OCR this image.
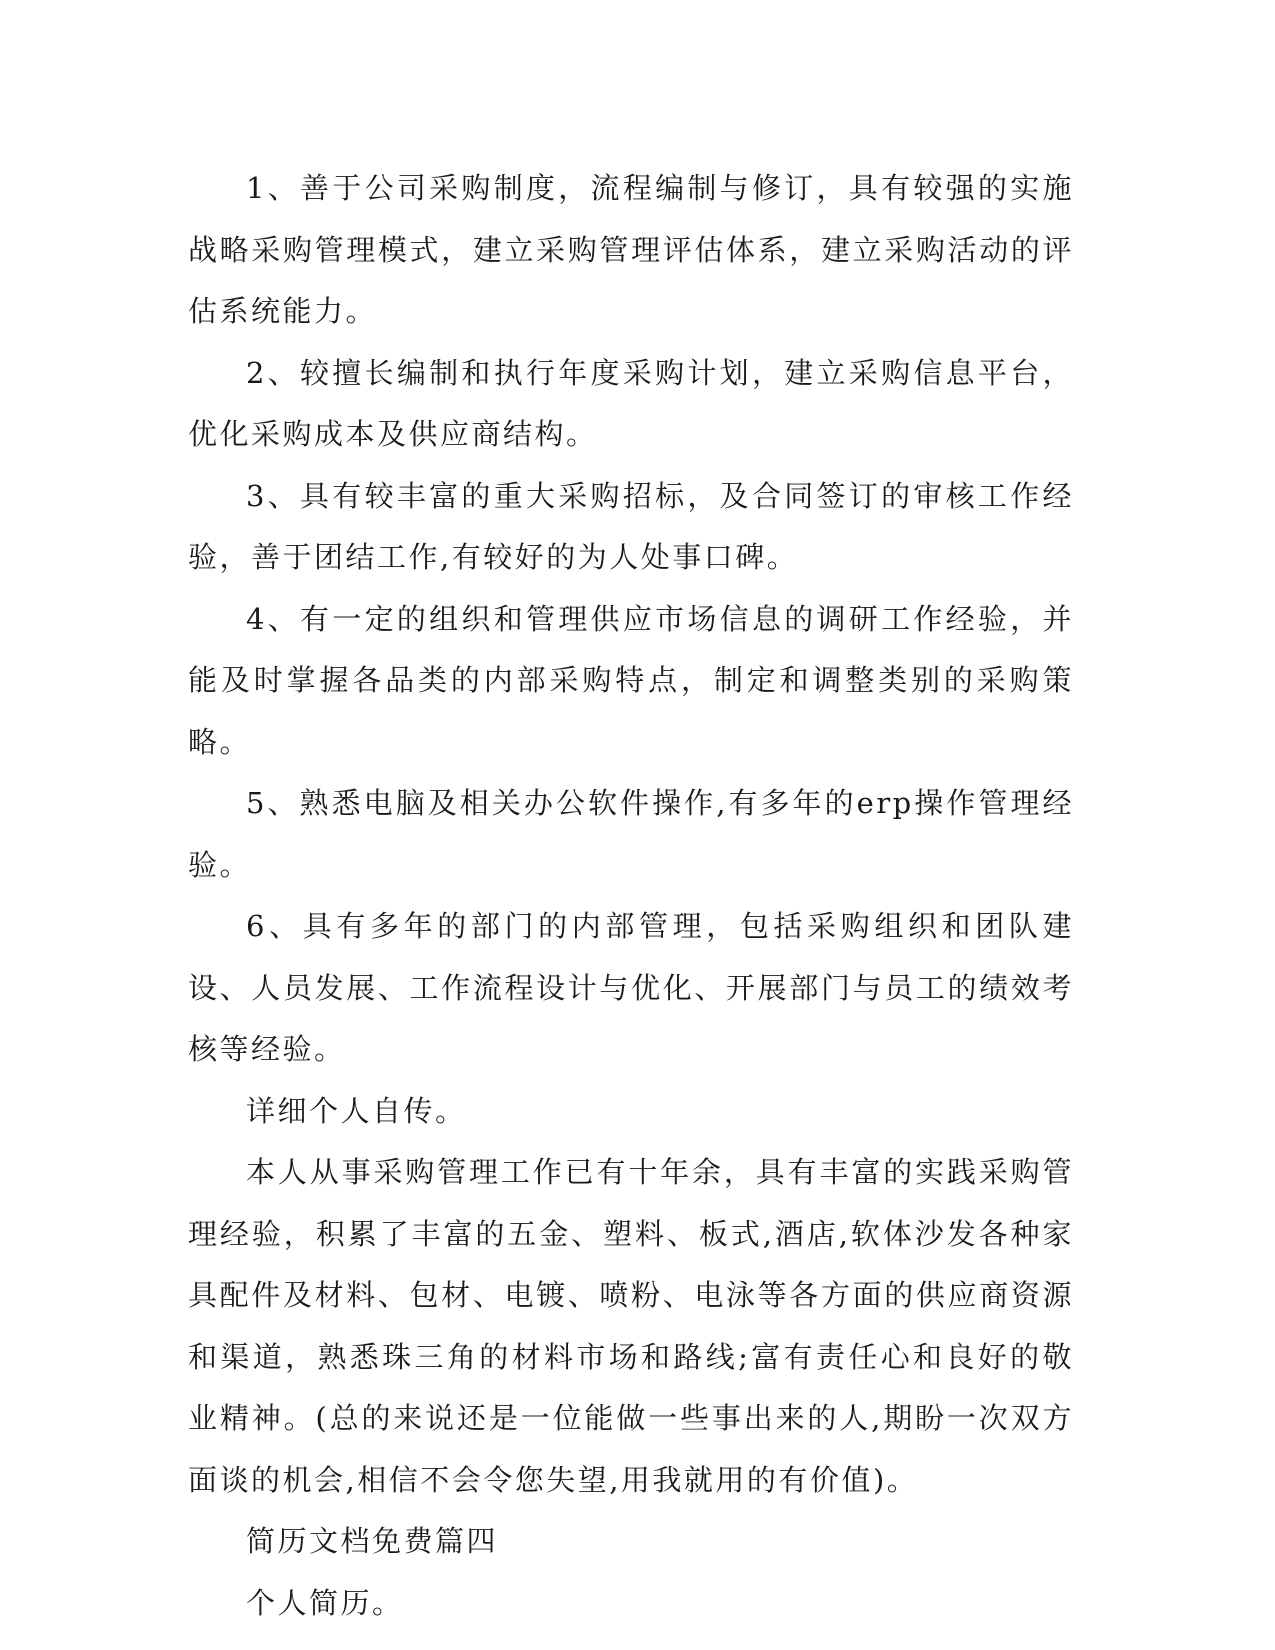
1、善于公司采购制度，流程编制与修订，具有较强的实施战略采购管理模式，建立采购管理评估体系，建立采购活动的评估系统能力。

2、较擅长编制和执行年度采购计划，建立采购信息平台，优化采购成本及供应商结构。

3、具有较丰富的重大采购招标，及合同签订的审核工作经验，善于团结工作,有较好的为人处事口碑。

4、有一定的组织和管理供应市场信息的调研工作经验，并能及时掌握各品类的内部采购特点，制定和调整类别的采购策略。

5、熟悉电脑及相关办公软件操作,有多年的erp操作管理经验。

6、具有多年的部门的内部管理，包括采购组织和团队建设、人员发展、工作流程设计与优化、开展部门与员工的绩效考核等经验。

详细个人自传。

本人从事采购管理工作已有十年余，具有丰富的实践采购管理经验，积累了丰富的五金、塑料、板式,酒店,软体沙发各种家具配件及材料、包材、电镀、喷粉、电泳等各方面的供应商资源和渠道，熟悉珠三角的材料市场和路线;富有责任心和良好的敬业精神。(总的来说还是一位能做一些事出来的人,期盼一次双方面谈的机会,相信不会令您失望,用我就用的有价值)。

简历文档免费篇四

个人简历。
